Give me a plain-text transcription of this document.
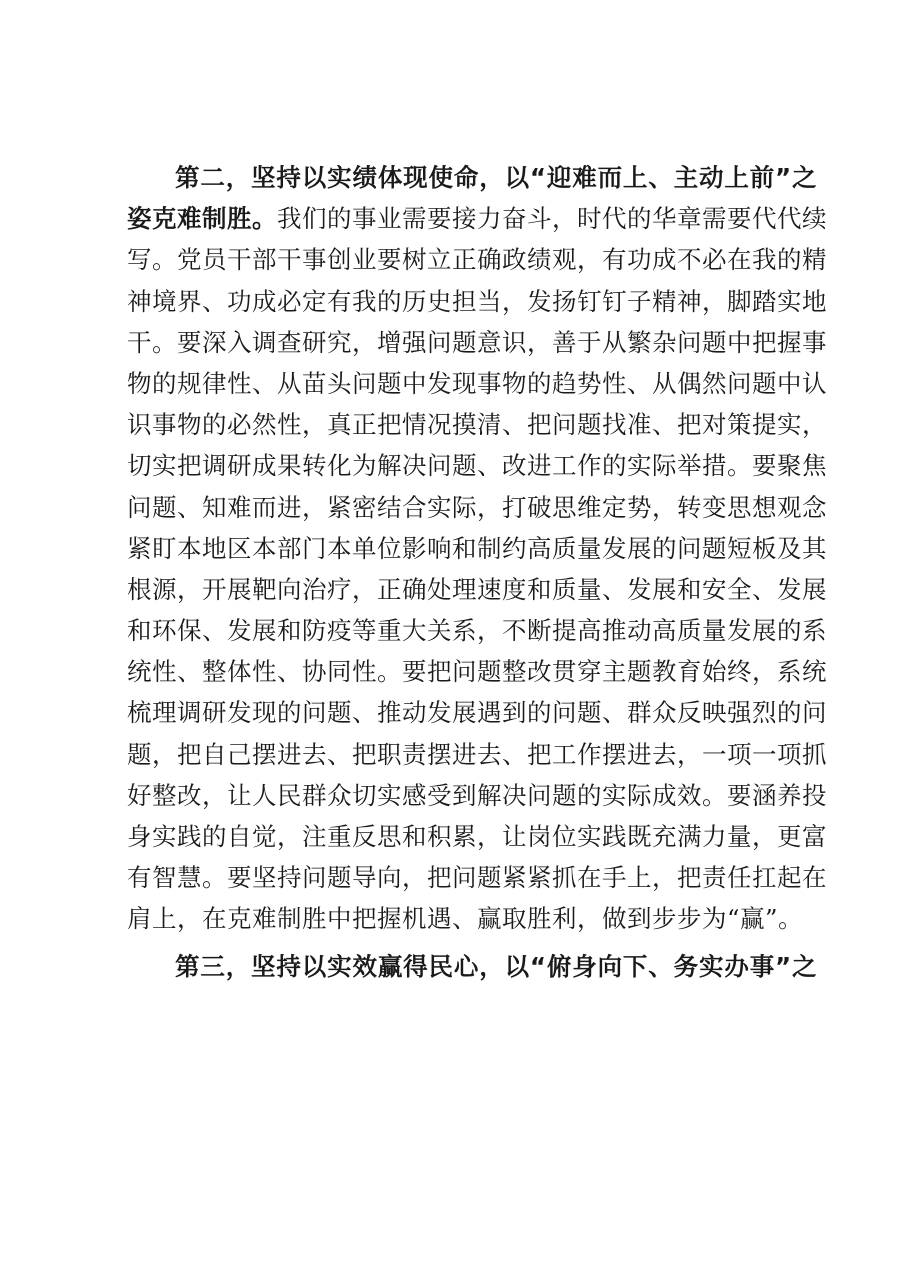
第二，坚持以实绩体现使命，以“迎难而上、主动上前”之
姿克难制胜。我们的事业需要接力奋斗，时代的华章需要代代续
写。党员干部干事创业要树立正确政绩观，有功成不必在我的精
神境界、功成必定有我的历史担当，发扬钉钉子精神，脚踏实地
干。要深入调查研究，增强问题意识，善于从繁杂问题中把握事
物的规律性、从苗头问题中发现事物的趋势性、从偶然问题中认
识事物的必然性，真正把情况摸清、把问题找准、把对策提实，
切实把调研成果转化为解决问题、改进工作的实际举措。要聚焦
问题、知难而进，紧密结合实际，打破思维定势，转变思想观念
紧盯本地区本部门本单位影响和制约高质量发展的问题短板及其
根源，开展靶向治疗，正确处理速度和质量、发展和安全、发展
和环保、发展和防疫等重大关系，不断提高推动高质量发展的系
统性、整体性、协同性。要把问题整改贯穿主题教育始终，系统
梳理调研发现的问题、推动发展遇到的问题、群众反映强烈的问
题，把自己摆进去、把职责摆进去、把工作摆进去，一项一项抓
好整改，让人民群众切实感受到解决问题的实际成效。要涵养投
身实践的自觉，注重反思和积累，让岗位实践既充满力量，更富
有智慧。要坚持问题导向，把问题紧紧抓在手上，把责任扛起在
肩上，在克难制胜中把握机遇、赢取胜利，做到步步为“赢”。
第三，坚持以实效赢得民心，以“俯身向下、务实办事”之
